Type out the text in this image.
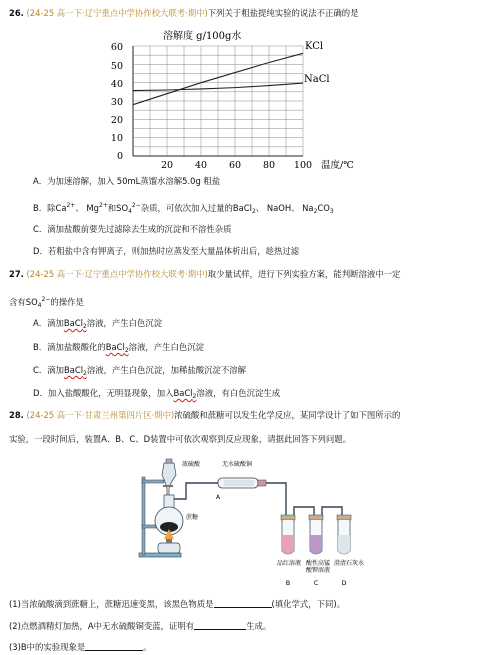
26. (24-25 高一下·辽宁重点中学协作校大联考·期中)下列关于粗盐提纯实验的说法不正确的是
溶解度 g/100g水
KCl
NaCl
60
50
40
30
20
10
0
20 40 60 80 100 温度/℃
A．为加速溶解，加入 50mL蒸馏水溶解5.0g 粗盐
B．除$Ca^{2+}$、 $Mg^{2+}$和$SO_4^{2-}$杂质，可依次加入过量的BaCl$_2$、 NaOH、 $Na_2CO_3$
C．滴加盐酸前要先过滤除去生成的沉淀和不溶性杂质
D．若粗盐中含有钾离子，则加热时应蒸发至大量晶体析出后，趁热过滤
27. (24-25 高一下·辽宁重点中学协作校大联考·期中)取少量试样，进行下列实验方案，能判断溶液中一定
含有$SO_4^{2-}$的操作是
A．滴加BaCl$_2$溶液，产生白色沉淀
B．滴加盐酸酸化的BaCl$_2$溶液，产生白色沉淀
C．滴加BaCl$_2$溶液，产生白色沉淀，加稀盐酸沉淀不溶解
D．加入盐酸酸化，无明显现象，加入BaCl$_2$溶液，有白色沉淀生成
28. (24-25 高一下·甘肃兰州第四片区·期中)浓硫酸和蔗糖可以发生化学反应，某同学设计了如下图所示的
实验，一段时间后，装置A、B、C、D装置中可依次观察到反应现象，请据此回答下列问题。
浓硫酸	无水硫酸铜
A
蔗糖
品红溶液 酸性高锰
酸钾溶液
澄清石灰水
B	C	D
(1)当浓硫酸滴到蔗糖上，蔗糖迅速变黑，该黑色物质是	(填化学式，下同)。
(2)点燃酒精灯加热，A中无水硫酸铜变蓝，证明有	生成。
(3)B中的实验现象是	。
